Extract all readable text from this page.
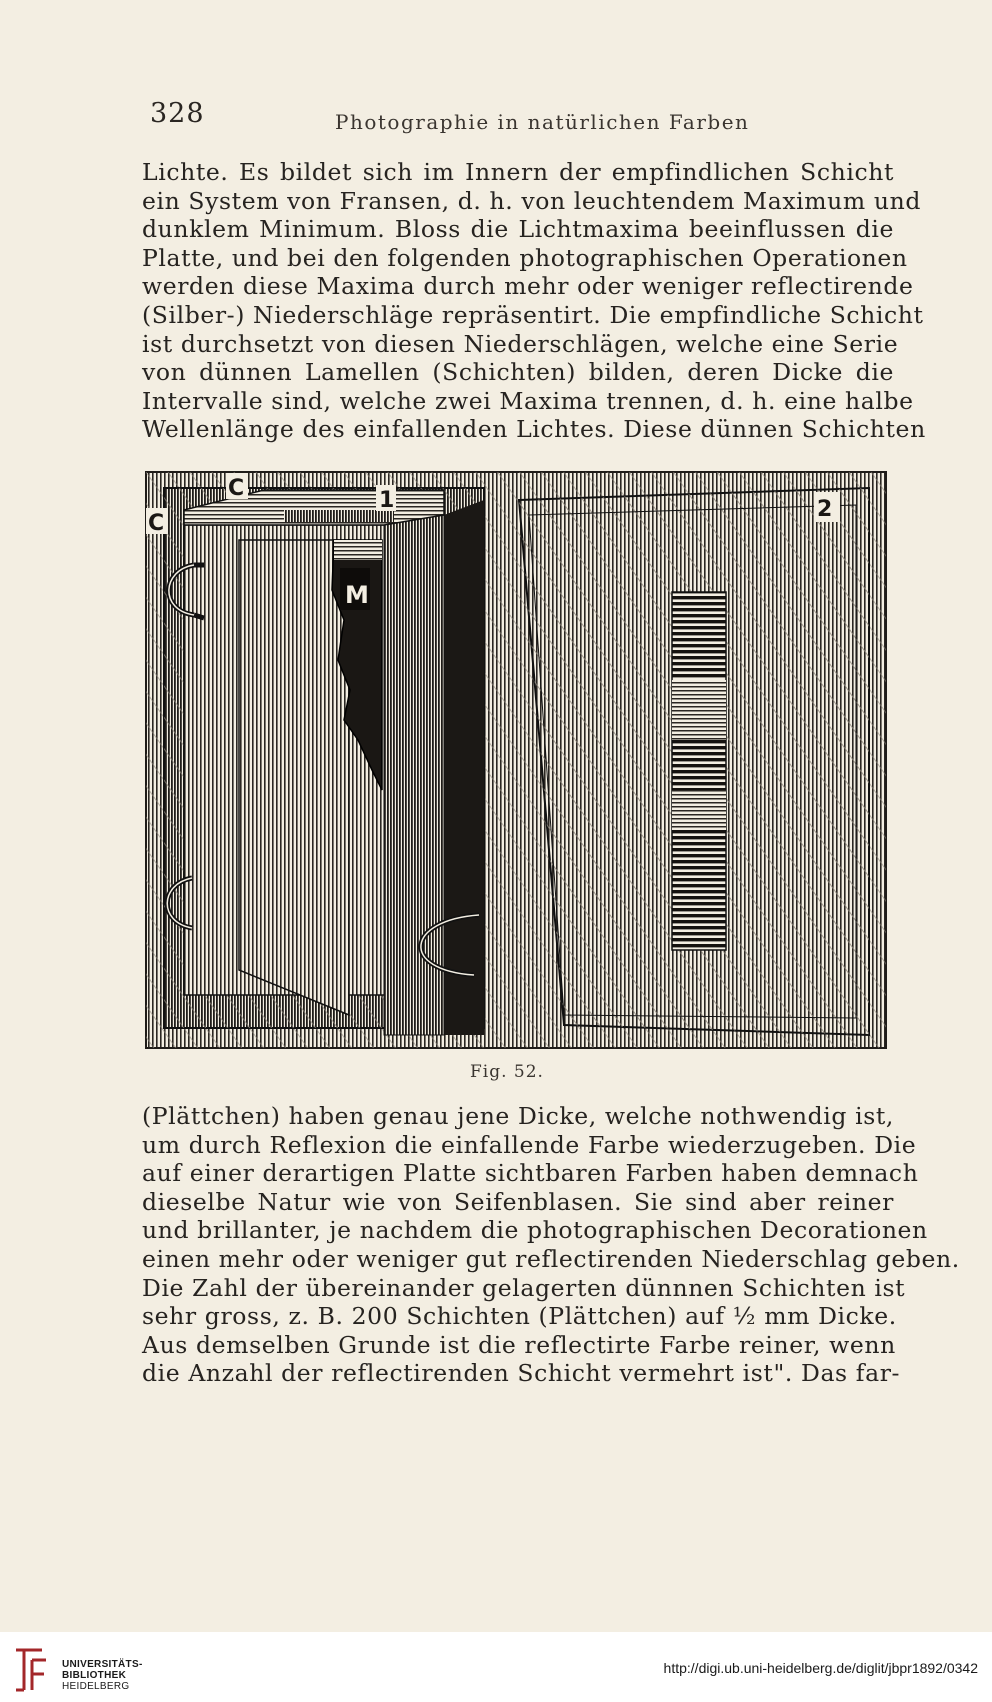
328	Photographie in natürlichen Farben
Lichte. Es bildet sich im Innern der empfindlichen Schicht
ein System von Fransen, d. h. von leuchtendem Maximum und
dunklem Minimum. Bloss die Lichtmaxima beeinflussen die
Platte, und bei den folgenden photographischen Operationen
werden diese Maxima durch mehr oder weniger reflectirende
(Silber-) Niederschläge repräsentirt. Die empfindliche Schicht
ist durchsetzt von diesen Niederschlägen, welche eine Serie
von dünnen Lamellen (Schichten) bilden, deren Dicke die
Intervalle sind, welche zwei Maxima trennen, d. h. eine halbe
Wellenlänge des einfallenden Lichtes. Diese dünnen Schichten
C
C
1
M
2
Fig. 52.
(Plättchen) haben genau jene Dicke, welche nothwendig ist,
um durch Reflexion die einfallende Farbe wiederzugeben. Die
auf einer derartigen Platte sichtbaren Farben haben demnach
dieselbe Natur wie von Seifenblasen. Sie sind aber reiner
und brillanter, je nachdem die photographischen Decorationen
einen mehr oder weniger gut reflectirenden Niederschlag geben.
Die Zahl der übereinander gelagerten dünnnen Schichten ist
sehr gross, z. B. 200 Schichten (Plättchen) auf ½ mm Dicke.
Aus demselben Grunde ist die reflectirte Farbe reiner, wenn
die Anzahl der reflectirenden Schicht vermehrt ist". Das far-
UNIVERSITÄTS-
BIBLIOTHEK
HEIDELBERG
http://digi.ub.uni-heidelberg.de/diglit/jbpr1892/0342
